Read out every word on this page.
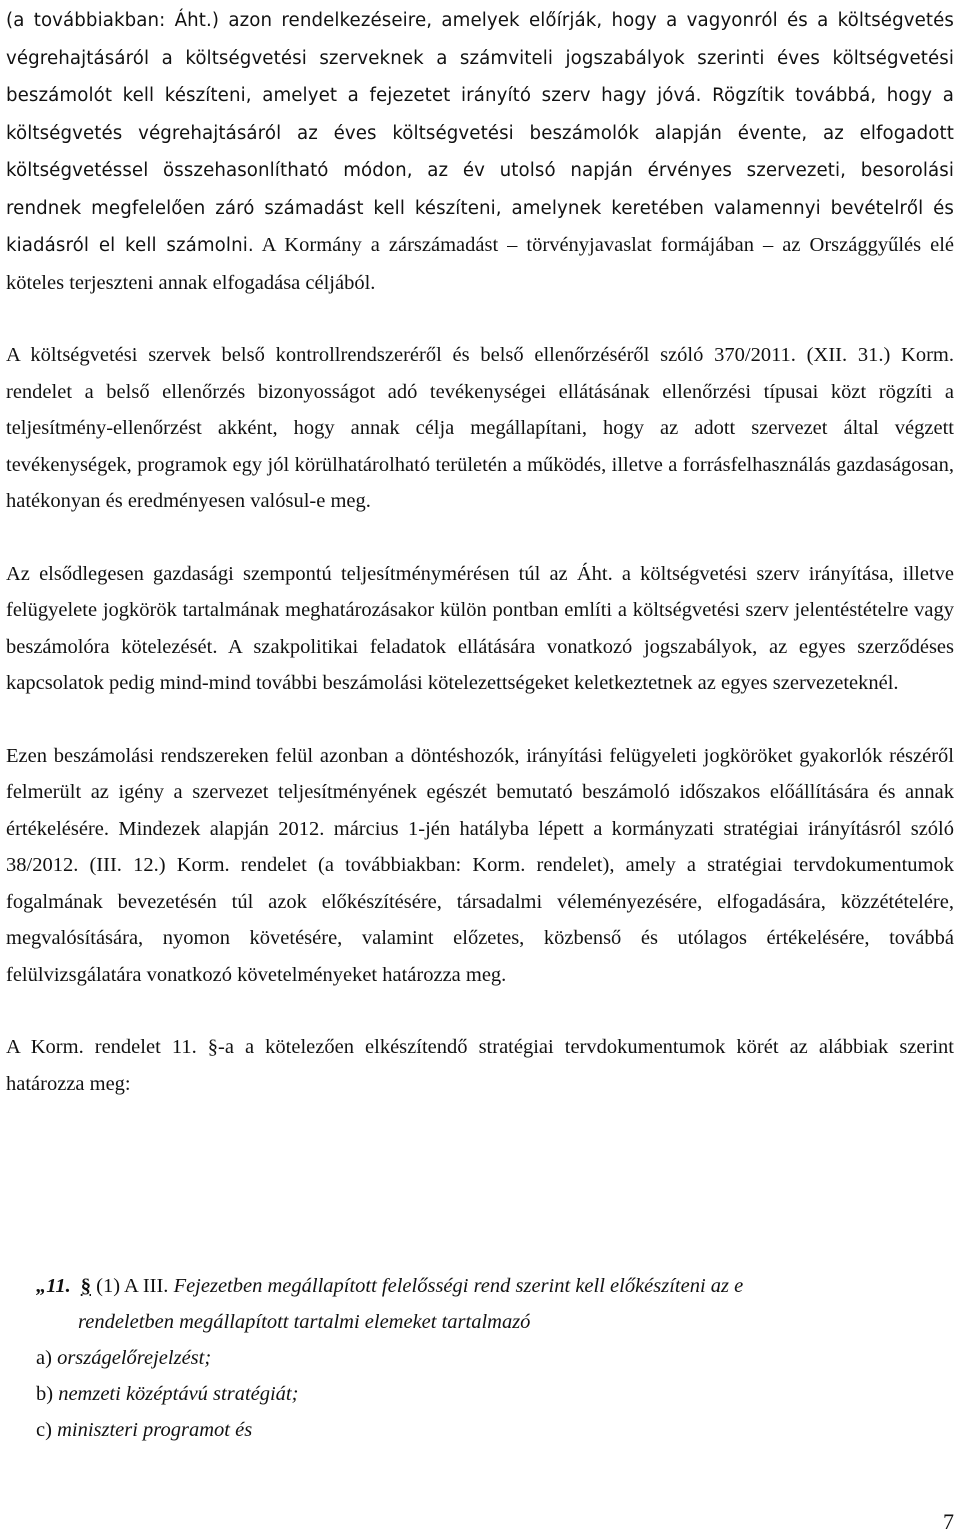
(a továbbiakban: Áht.) azon rendelkezéseire, amelyek előírják, hogy a vagyonról és a költségvetés végrehajtásáról a költségvetési szerveknek a számviteli jogszabályok szerinti éves költségvetési beszámolót kell készíteni, amelyet a fejezetet irányító szerv hagy jóvá. Rögzítik továbbá, hogy a költségvetés végrehajtásáról az éves költségvetési beszámolók alapján évente, az elfogadott költségvetéssel összehasonlítható módon, az év utolsó napján érvényes szervezeti, besorolási rendnek megfelelően záró számadást kell készíteni, amelynek keretében valamennyi bevételről és kiadásról el kell számolni. A Kormány a zárszámadást – törvényjavaslat formájában – az Országgyűlés elé köteles terjeszteni annak elfogadása céljából.

A költségvetési szervek belső kontrollrendszeréről és belső ellenőrzéséről szóló 370/2011. (XII. 31.) Korm. rendelet a belső ellenőrzés bizonyosságot adó tevékenységei ellátásának ellenőrzési típusai közt rögzíti a teljesítmény-ellenőrzést akként, hogy annak célja megállapítani, hogy az adott szervezet által végzett tevékenységek, programok egy jól körülhatárolható területén a működés, illetve a forrásfelhasználás gazdaságosan, hatékonyan és eredményesen valósul-e meg.

Az elsődlegesen gazdasági szempontú teljesítménymérésen túl az Áht. a költségvetési szerv irányítása, illetve felügyelete jogkörök tartalmának meghatározásakor külön pontban említi a költségvetési szerv jelentéstételre vagy beszámolóra kötelezését. A szakpolitikai feladatok ellátására vonatkozó jogszabályok, az egyes szerződéses kapcsolatok pedig mind-mind további beszámolási kötelezettségeket keletkeztetnek az egyes szervezeteknél.

Ezen beszámolási rendszereken felül azonban a döntéshozók, irányítási felügyeleti jogköröket gyakorlók részéről felmerült az igény a szervezet teljesítményének egészét bemutató beszámoló időszakos előállítására és annak értékelésére. Mindezek alapján 2012. március 1-jén hatályba lépett a kormányzati stratégiai irányításról szóló 38/2012. (III. 12.) Korm. rendelet (a továbbiakban: Korm. rendelet), amely a stratégiai tervdokumentumok fogalmának bevezetésén túl azok előkészítésére, társadalmi véleményezésére, elfogadására, közzétételére, megvalósítására, nyomon követésére, valamint előzetes, közbenső és utólagos értékelésére, továbbá felülvizsgálatára vonatkozó követelményeket határozza meg.

A Korm. rendelet 11. §-a a kötelezően elkészítendő stratégiai tervdokumentumok körét az alábbiak szerint határozza meg:

„11. § (1) A III. Fejezetben megállapított felelősségi rend szerint kell előkészíteni az e

rendeletben megállapított tartalmi elemeket tartalmazó

a) országelőrejelzést;

b) nemzeti középtávú stratégiát;

c) miniszteri programot és

7
